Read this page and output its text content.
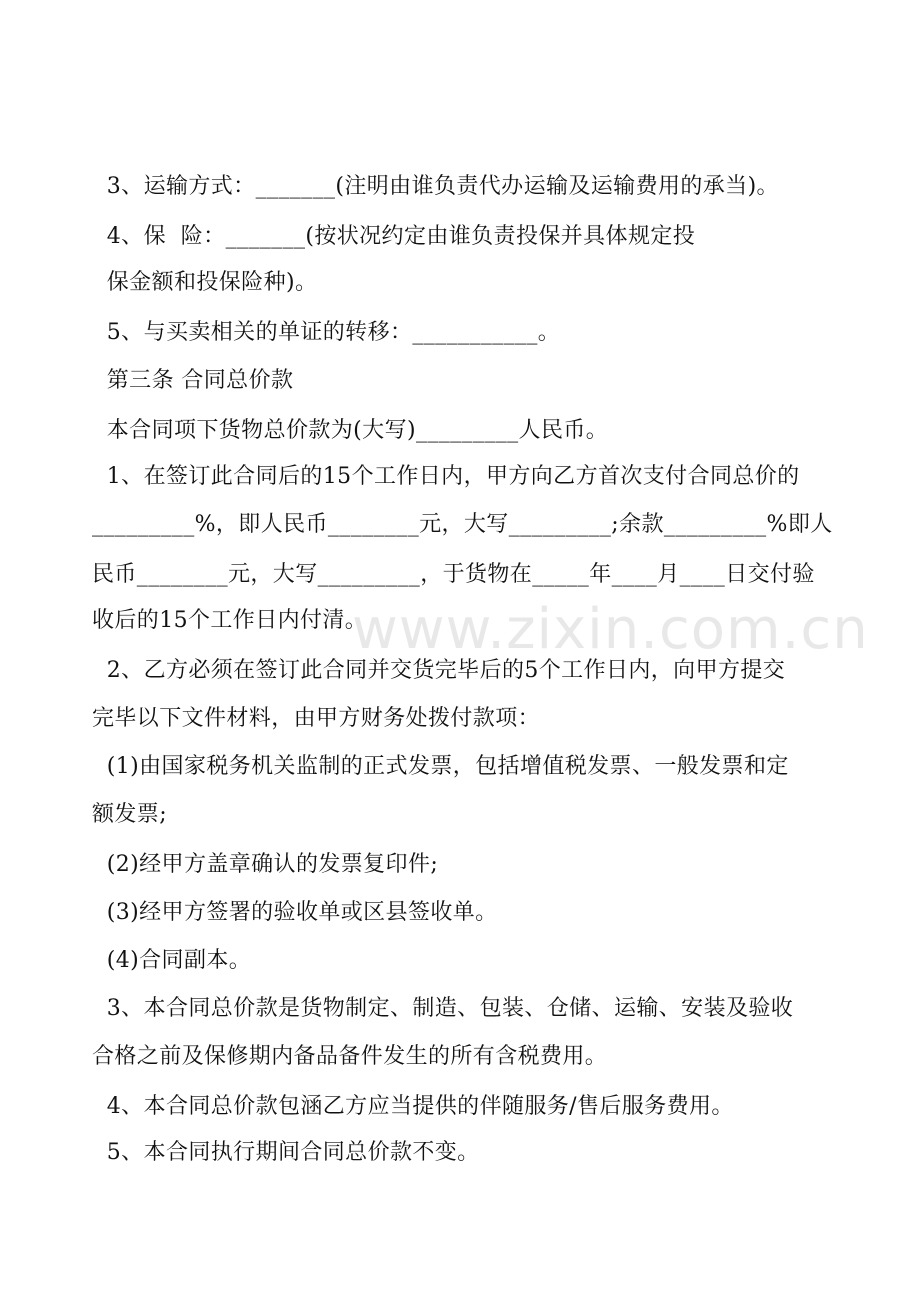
3、运输方式：_______(注明由谁负责代办运输及运输费用的承当)。
4、保  险：_______(按状况约定由谁负责投保并具体规定投
保金额和投保险种)。
5、与买卖相关的单证的转移：___________。
第三条 合同总价款
本合同项下货物总价款为(大写)_________人民币。
1、在签订此合同后的15个工作日内，甲方向乙方首次支付合同总价的
_________%，即人民币________元，大写_________;余款_________%即人
民币________元，大写_________，于货物在_____年____月____日交付验
收后的15个工作日内付清。
2、乙方必须在签订此合同并交货完毕后的5个工作日内，向甲方提交
完毕以下文件材料，由甲方财务处拨付款项：
(1)由国家税务机关监制的正式发票，包括增值税发票、一般发票和定
额发票;
(2)经甲方盖章确认的发票复印件;
(3)经甲方签署的验收单或区县签收单。
(4)合同副本。
3、本合同总价款是货物制定、制造、包装、仓储、运输、安装及验收
合格之前及保修期内备品备件发生的所有含税费用。
4、本合同总价款包涵乙方应当提供的伴随服务/售后服务费用。
5、本合同执行期间合同总价款不变。
www.zixin.com.cn
